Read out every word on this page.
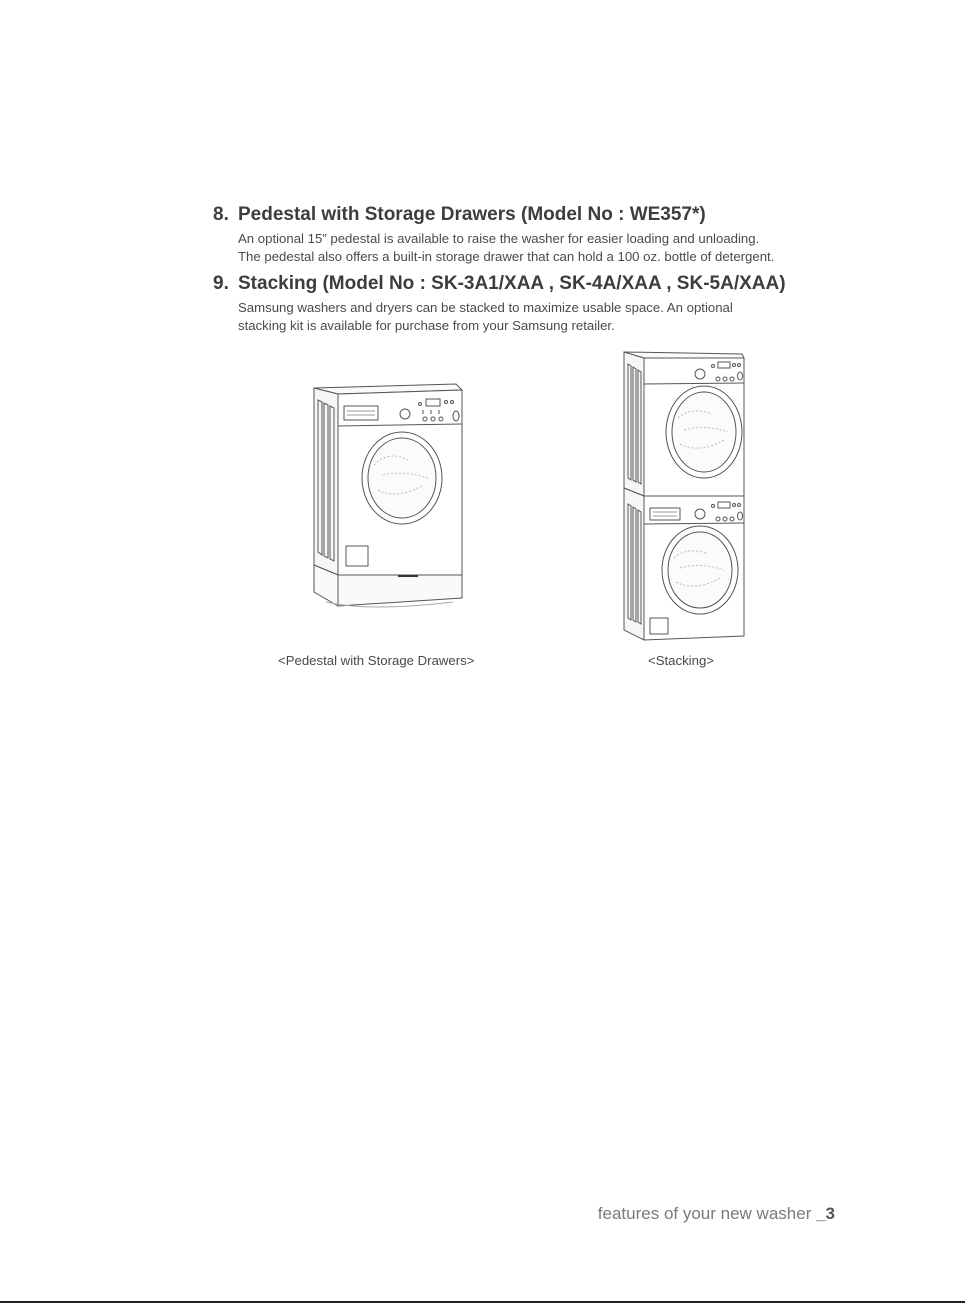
8. Pedestal with Storage Drawers (Model No : WE357*)

An optional 15” pedestal is available to raise the washer for easier loading and unloading.

The pedestal also offers a built-in storage drawer that can hold a 100 oz. bottle of detergent.

9. Stacking (Model No : SK-3A1/XAA , SK-4A/XAA , SK-5A/XAA)

Samsung washers and dryers can be stacked to maximize usable space. An optional

stacking kit is available for purchase from your Samsung retailer.

<Pedestal with Storage Drawers>	<Stacking>
features of your new washer _3
